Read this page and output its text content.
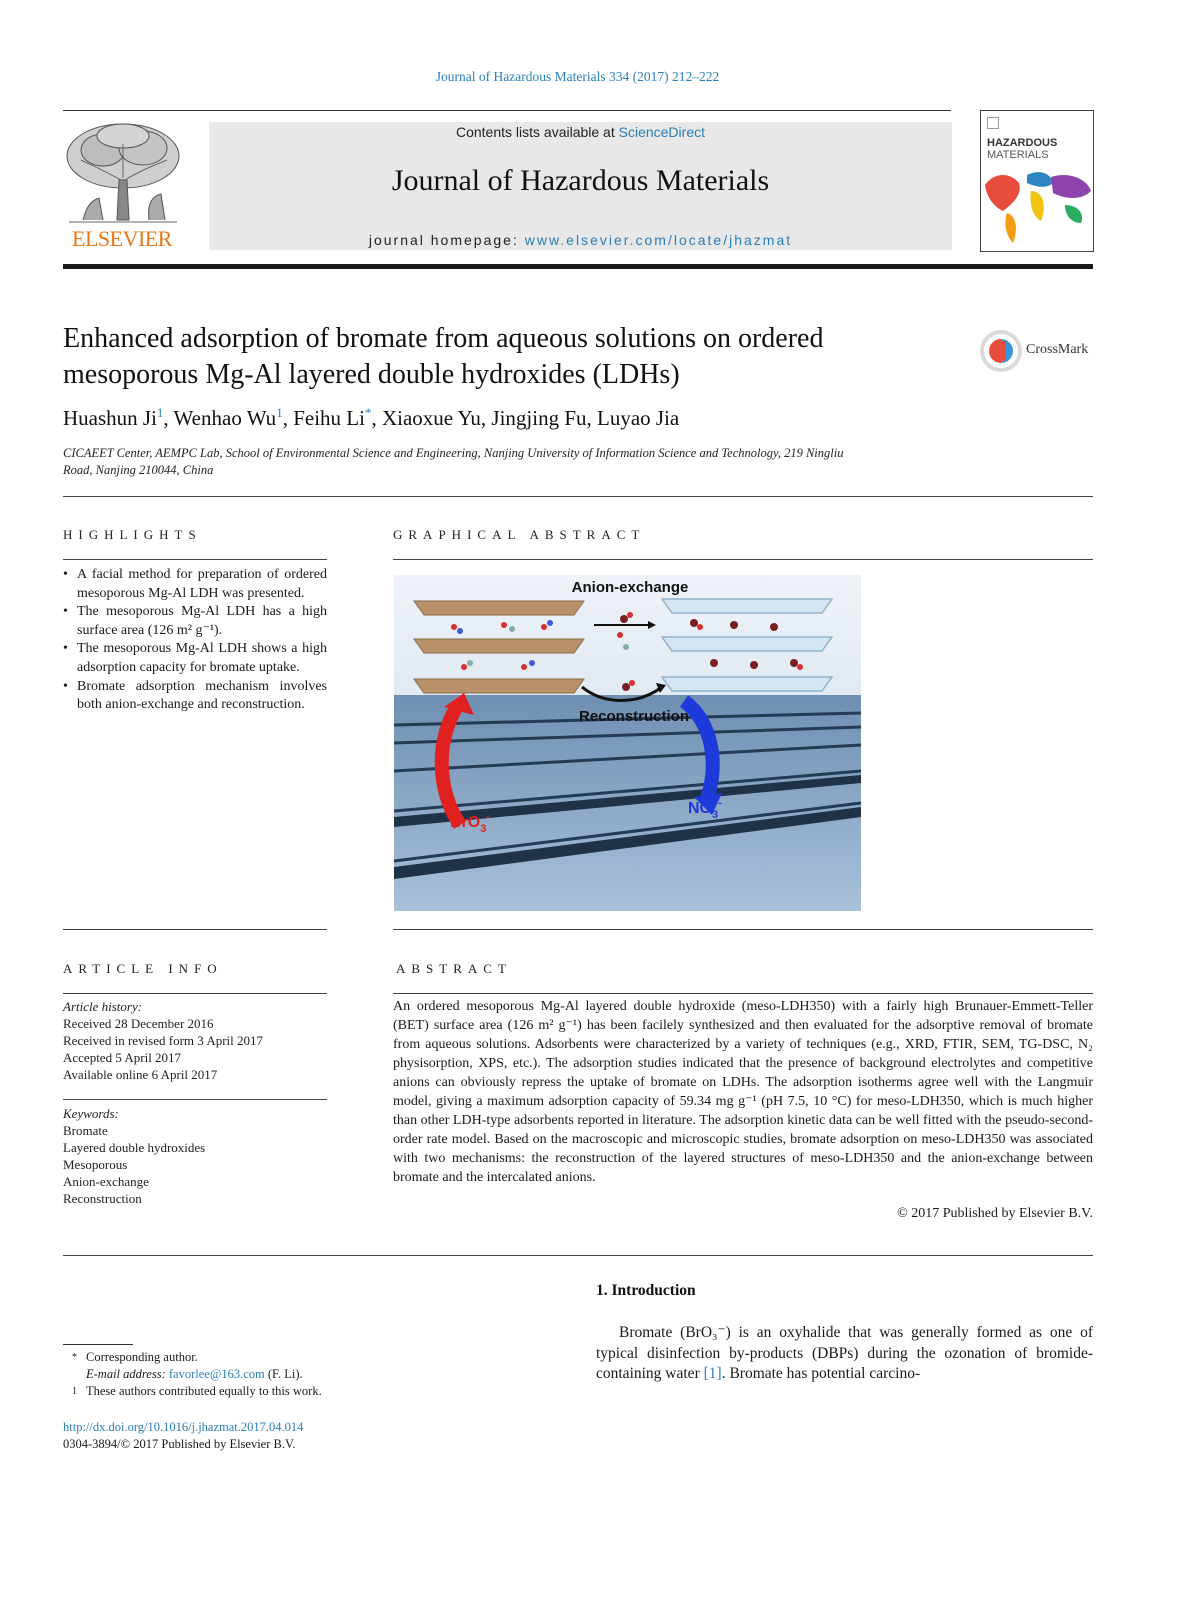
Journal of Hazardous Materials 334 (2017) 212–222
ELSEVIER
Contents lists available at ScienceDirect
Journal of Hazardous Materials
journal homepage: www.elsevier.com/locate/jhazmat
HAZARDOUS
MATERIALS
Enhanced adsorption of bromate from aqueous solutions on ordered
mesoporous Mg-Al layered double hydroxides (LDHs)
CrossMark
Huashun Ji$^1$, Wenhao Wu$^1$, Feihu Li*, Xiaoxue Yu, Jingjing Fu, Luyao Jia
CICAEET Center, AEMPC Lab, School of Environmental Science and Engineering, Nanjing University of Information Science and Technology, 219 Ningliu
Road, Nanjing 210044, China
HIGHLIGHTS
• A facial method for preparation of ordered mesoporous Mg-Al LDH was presented.
• The mesoporous Mg-Al LDH has a high surface area (126 m² g⁻¹).
• The mesoporous Mg-Al LDH shows a high adsorption capacity for bromate uptake.
• Bromate adsorption mechanism involves both anion-exchange and reconstruction.
GRAPHICAL ABSTRACT
Anion-exchange
Reconstruction
BrO$_3$-	$NO_3^-$
ARTICLE INFO
Article history:
Received 28 December 2016
Received in revised form 3 April 2017
Accepted 5 April 2017
Available online 6 April 2017
Keywords:
Bromate
Layered double hydroxides
Mesoporous
Anion-exchange
Reconstruction
ABSTRACT
An ordered mesoporous Mg-Al layered double hydroxide (meso-LDH350) with a fairly high Brunauer-Emmett-Teller (BET) surface area (126 m² g⁻¹) has been facilely synthesized and then evaluated for the adsorptive removal of bromate from aqueous solutions. Adsorbents were characterized by a variety of techniques (e.g., XRD, FTIR, SEM, TG-DSC, N₂ physisorption, XPS, etc.). The adsorption studies indicated that the presence of background electrolytes and competitive anions can obviously repress the uptake of bromate on LDHs. The adsorption isotherms agree well with the Langmuir model, giving a maximum adsorption capacity of 59.34 mg g⁻¹ (pH 7.5, 10 °C) for meso-LDH350, which is much higher than other LDH-type adsorbents reported in literature. The adsorption kinetic data can be well fitted with the pseudo-second-order rate model. Based on the macroscopic and microscopic studies, bromate adsorption on meso-LDH350 was associated with two mechanisms: the reconstruction of the layered structures of meso-LDH350 and the anion-exchange between bromate and the intercalated anions.
© 2017 Published by Elsevier B.V.
1. Introduction
Bromate (BrO₃⁻) is an oxyhalide that was generally formed as one of typical disinfection by-products (DBPs) during the ozonation of bromide-containing water [1]. Bromate has potential carcino-
* Corresponding author.
E-mail address: favorlee@163.com (F. Li).
1 These authors contributed equally to this work.
http://dx.doi.org/10.1016/j.jhazmat.2017.04.014
0304-3894/© 2017 Published by Elsevier B.V.
